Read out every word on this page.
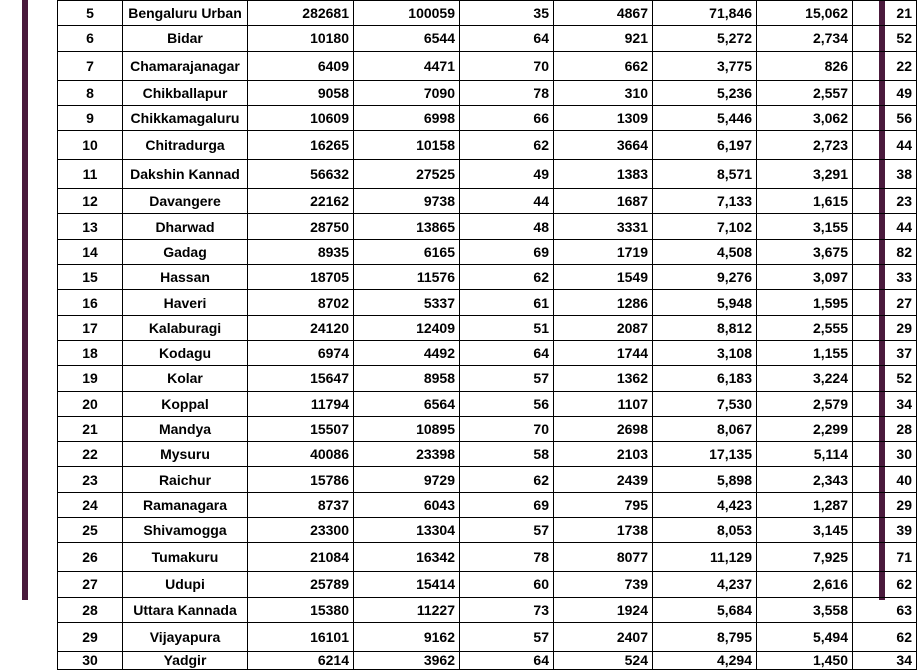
5	Bengaluru Urban	282681	100059	35	4867	71,846	15,062	21
6	Bidar	10180	6544	64	921	5,272	2,734	52
7	Chamarajanagar	6409	4471	70	662	3,775	826	22
8	Chikballapur	9058	7090	78	310	5,236	2,557	49
9	Chikkamagaluru	10609	6998	66	1309	5,446	3,062	56
10	Chitradurga	16265	10158	62	3664	6,197	2,723	44
11	Dakshin Kannad	56632	27525	49	1383	8,571	3,291	38
12	Davangere	22162	9738	44	1687	7,133	1,615	23
13	Dharwad	28750	13865	48	3331	7,102	3,155	44
14	Gadag	8935	6165	69	1719	4,508	3,675	82
15	Hassan	18705	11576	62	1549	9,276	3,097	33
16	Haveri	8702	5337	61	1286	5,948	1,595	27
17	Kalaburagi	24120	12409	51	2087	8,812	2,555	29
18	Kodagu	6974	4492	64	1744	3,108	1,155	37
19	Kolar	15647	8958	57	1362	6,183	3,224	52
20	Koppal	11794	6564	56	1107	7,530	2,579	34
21	Mandya	15507	10895	70	2698	8,067	2,299	28
22	Mysuru	40086	23398	58	2103	17,135	5,114	30
23	Raichur	15786	9729	62	2439	5,898	2,343	40
24	Ramanagara	8737	6043	69	795	4,423	1,287	29
25	Shivamogga	23300	13304	57	1738	8,053	3,145	39
26	Tumakuru	21084	16342	78	8077	11,129	7,925	71
27	Udupi	25789	15414	60	739	4,237	2,616	62
28	Uttara Kannada	15380	11227	73	1924	5,684	3,558	63
29	Vijayapura	16101	9162	57	2407	8,795	5,494	62
30	Yadgir	6214	3962	64	524	4,294	1,450	34
